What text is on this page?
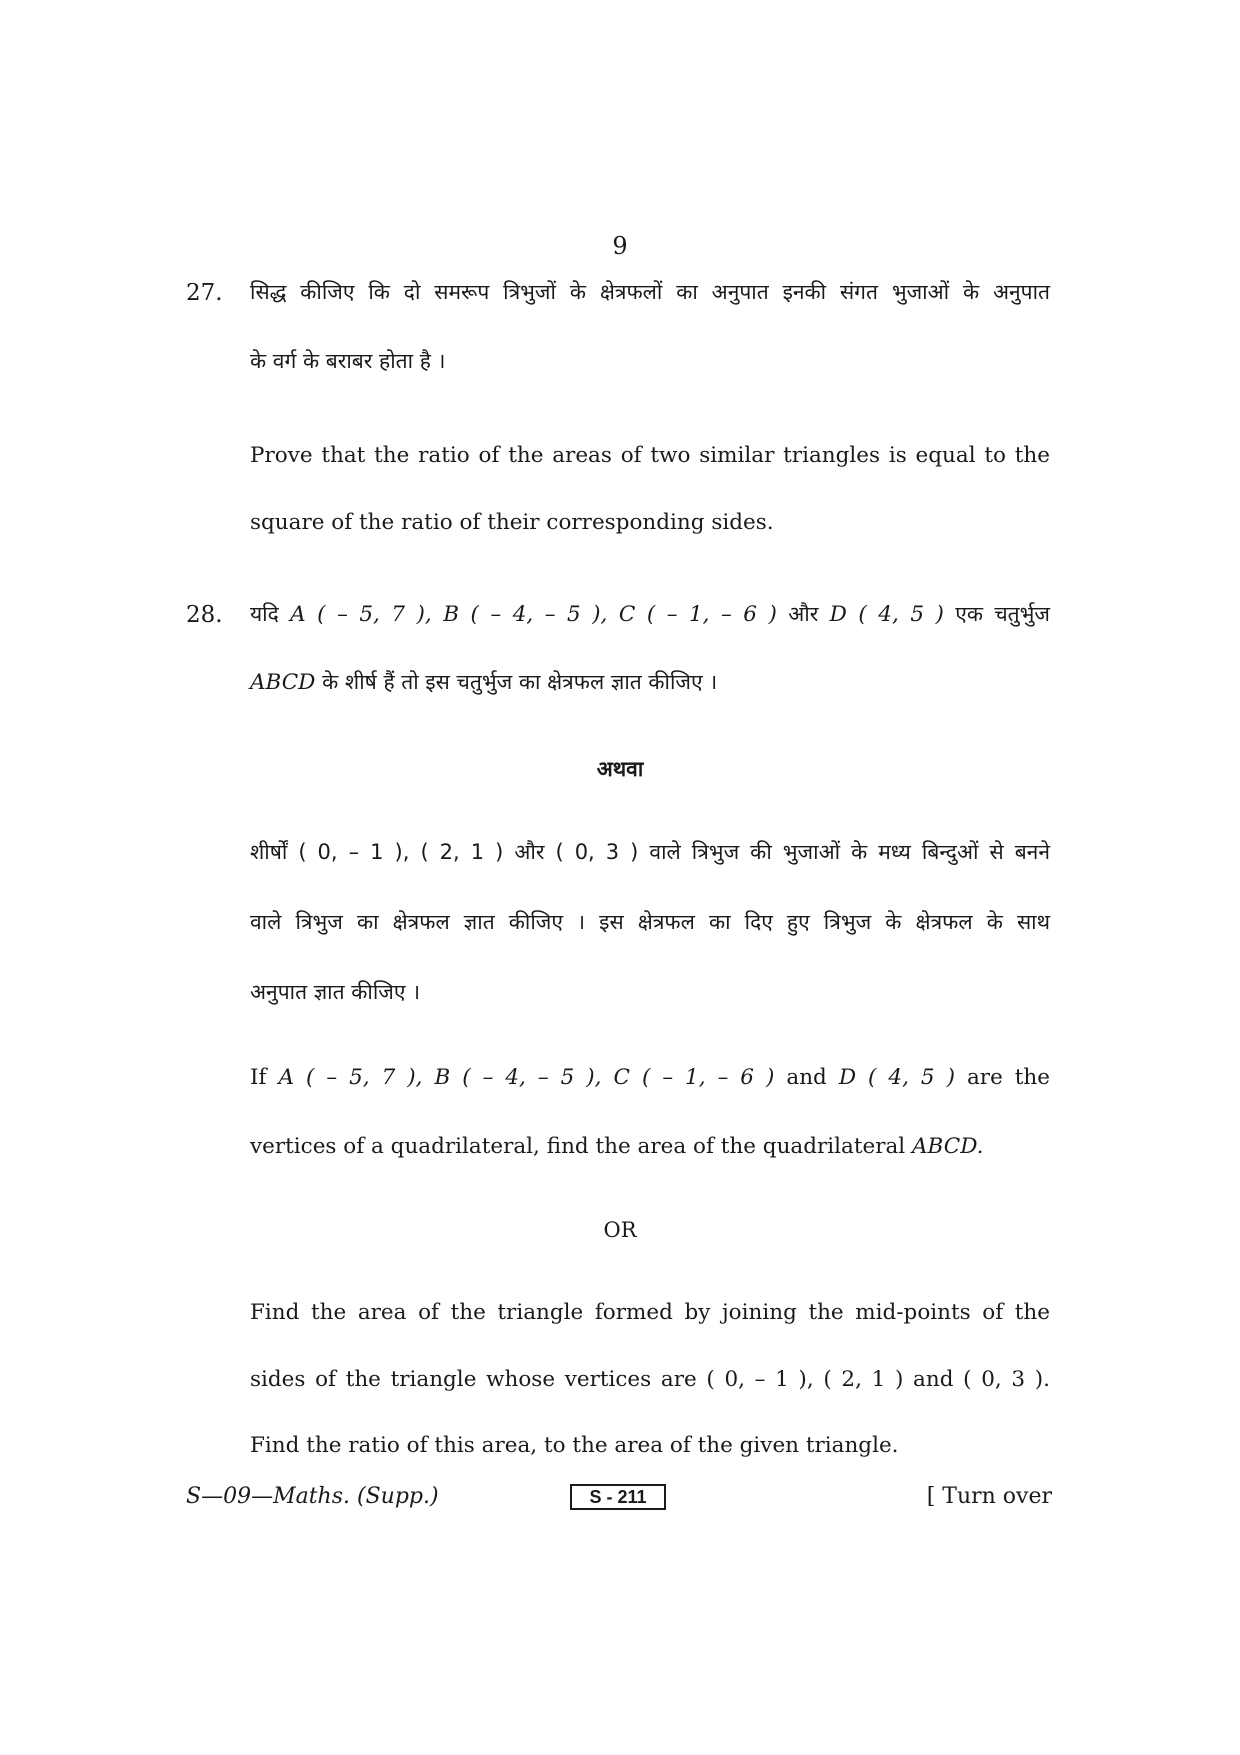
9
27. सिद्ध कीजिए कि दो समरूप त्रिभुजों के क्षेत्रफलों का अनुपात इनकी संगत भुजाओं के अनुपात
के वर्ग के बराबर होता है ।
Prove that the ratio of the areas of two similar triangles is equal to the
square of the ratio of their corresponding sides.
28. यदि A ( – 5, 7 ), B ( – 4, – 5 ), C ( – 1, – 6 ) और D ( 4, 5 ) एक चतुर्भुज
ABCD के शीर्ष हैं तो इस चतुर्भुज का क्षेत्रफल ज्ञात कीजिए ।
अथवा
शीर्षों ( 0, – 1 ), ( 2, 1 ) और ( 0, 3 ) वाले त्रिभुज की भुजाओं के मध्य बिन्दुओं से बनने
वाले त्रिभुज का क्षेत्रफल ज्ञात कीजिए । इस क्षेत्रफल का दिए हुए त्रिभुज के क्षेत्रफल के साथ
अनुपात ज्ञात कीजिए ।
If A ( – 5, 7 ), B ( – 4, – 5 ), C ( – 1, – 6 ) and D ( 4, 5 ) are the
vertices of a quadrilateral, find the area of the quadrilateral ABCD.
OR
Find the area of the triangle formed by joining the mid-points of the
sides of the triangle whose vertices are ( 0, – 1 ), ( 2, 1 ) and ( 0, 3 ).
Find the ratio of this area, to the area of the given triangle.
S—09—Maths. (Supp.)	S - 211	[ Turn over
